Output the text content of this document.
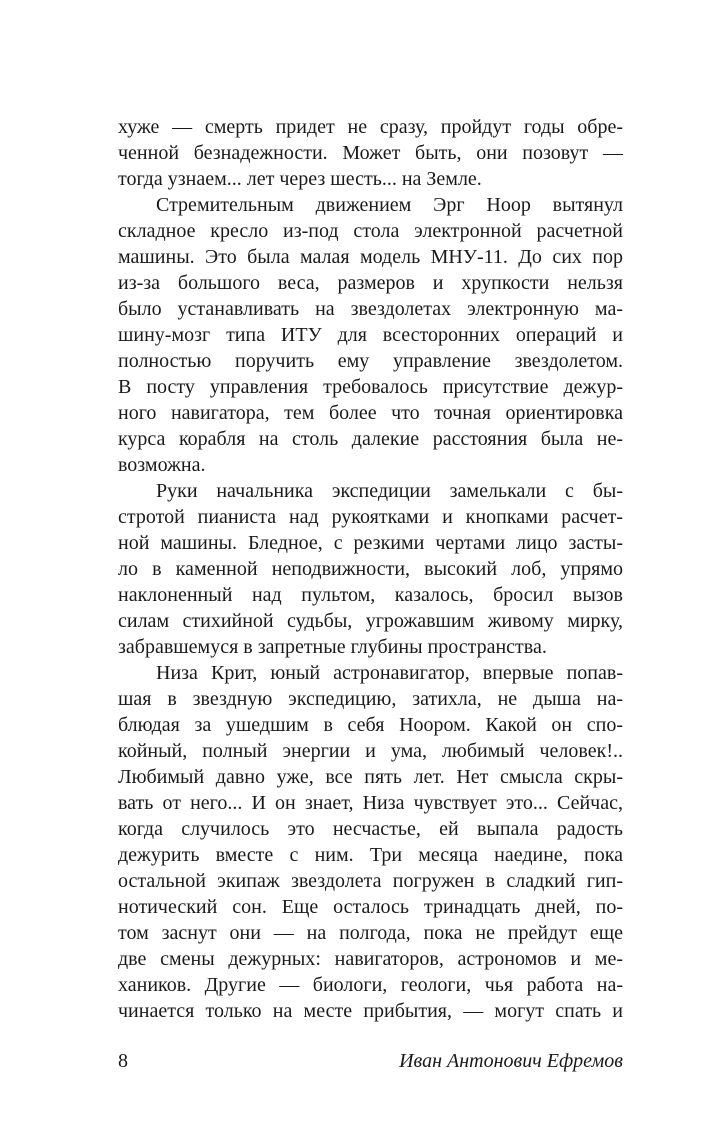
хуже — смерть придет не сразу, пройдут годы обре-
ченной безнадежности. Может быть, они позовут —
тогда узнаем... лет через шесть... на Земле.
Стремительным движением Эрг Ноор вытянул
складное кресло из-под стола электронной расчетной
машины. Это была малая модель МНУ-11. До сих пор
из-за большого веса, размеров и хрупкости нельзя
было устанавливать на звездолетах электронную ма-
шину-мозг типа ИТУ для всесторонних операций и
полностью поручить ему управление звездолетом.
В посту управления требовалось присутствие дежур-
ного навигатора, тем более что точная ориентировка
курса корабля на столь далекие расстояния была не-
возможна.
Руки начальника экспедиции замелькали с бы-
стротой пианиста над рукоятками и кнопками расчет-
ной машины. Бледное, с резкими чертами лицо засты-
ло в каменной неподвижности, высокий лоб, упрямо
наклоненный над пультом, казалось, бросил вызов
силам стихийной судьбы, угрожавшим живому мирку,
забравшемуся в запретные глубины пространства.
Низа Крит, юный астронавигатор, впервые попав-
шая в звездную экспедицию, затихла, не дыша на-
блюдая за ушедшим в себя Ноором. Какой он спо-
койный, полный энергии и ума, любимый человек!..
Любимый давно уже, все пять лет. Нет смысла скры-
вать от него... И он знает, Низа чувствует это... Сейчас,
когда случилось это несчастье, ей выпала радость
дежурить вместе с ним. Три месяца наедине, пока
остальной экипаж звездолета погружен в сладкий гип-
нотический сон. Еще осталось тринадцать дней, по-
том заснут они — на полгода, пока не прейдут еще
две смены дежурных: навигаторов, астрономов и ме-
хаников. Другие — биологи, геологи, чья работа на-
чинается только на месте прибытия, — могут спать и
8	Иван Антонович Ефремов
